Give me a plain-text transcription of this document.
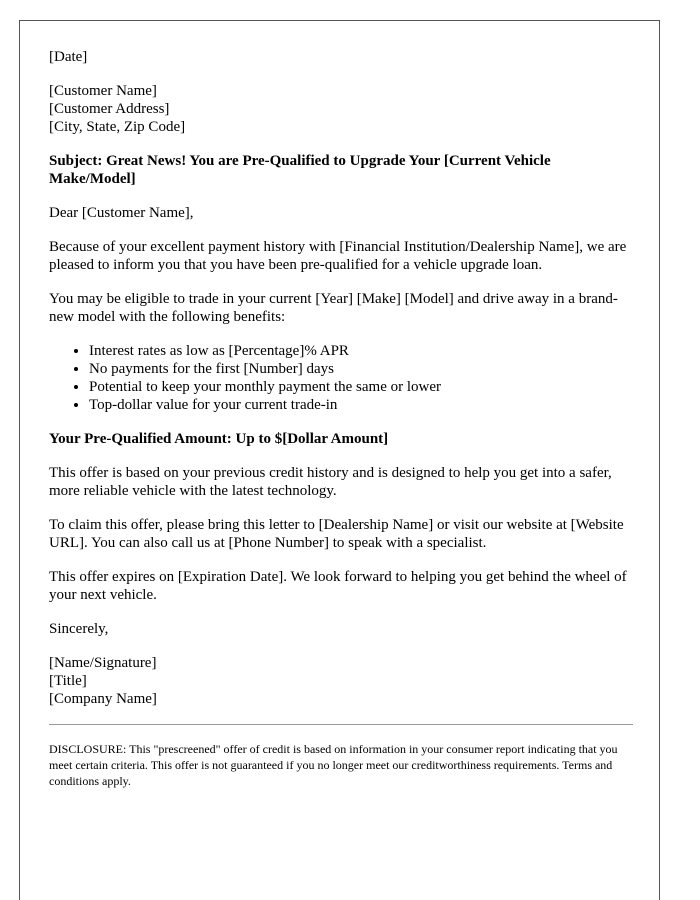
[Date]

[Customer Name]
[Customer Address]
[City, State, Zip Code]

Subject: Great News! You are Pre-Qualified to Upgrade Your [Current Vehicle Make/Model]

Dear [Customer Name],

Because of your excellent payment history with [Financial Institution/Dealership Name], we are pleased to inform you that you have been pre-qualified for a vehicle upgrade loan.

You may be eligible to trade in your current [Year] [Make] [Model] and drive away in a brand-new model with the following benefits:

• Interest rates as low as [Percentage]% APR
• No payments for the first [Number] days
• Potential to keep your monthly payment the same or lower
• Top-dollar value for your current trade-in

Your Pre-Qualified Amount: Up to $[Dollar Amount]

This offer is based on your previous credit history and is designed to help you get into a safer, more reliable vehicle with the latest technology.

To claim this offer, please bring this letter to [Dealership Name] or visit our website at [Website URL]. You can also call us at [Phone Number] to speak with a specialist.

This offer expires on [Expiration Date]. We look forward to helping you get behind the wheel of your next vehicle.

Sincerely,

[Name/Signature]
[Title]
[Company Name]

DISCLOSURE: This "prescreened" offer of credit is based on information in your consumer report indicating that you meet certain criteria. This offer is not guaranteed if you no longer meet our creditworthiness requirements. Terms and conditions apply.
